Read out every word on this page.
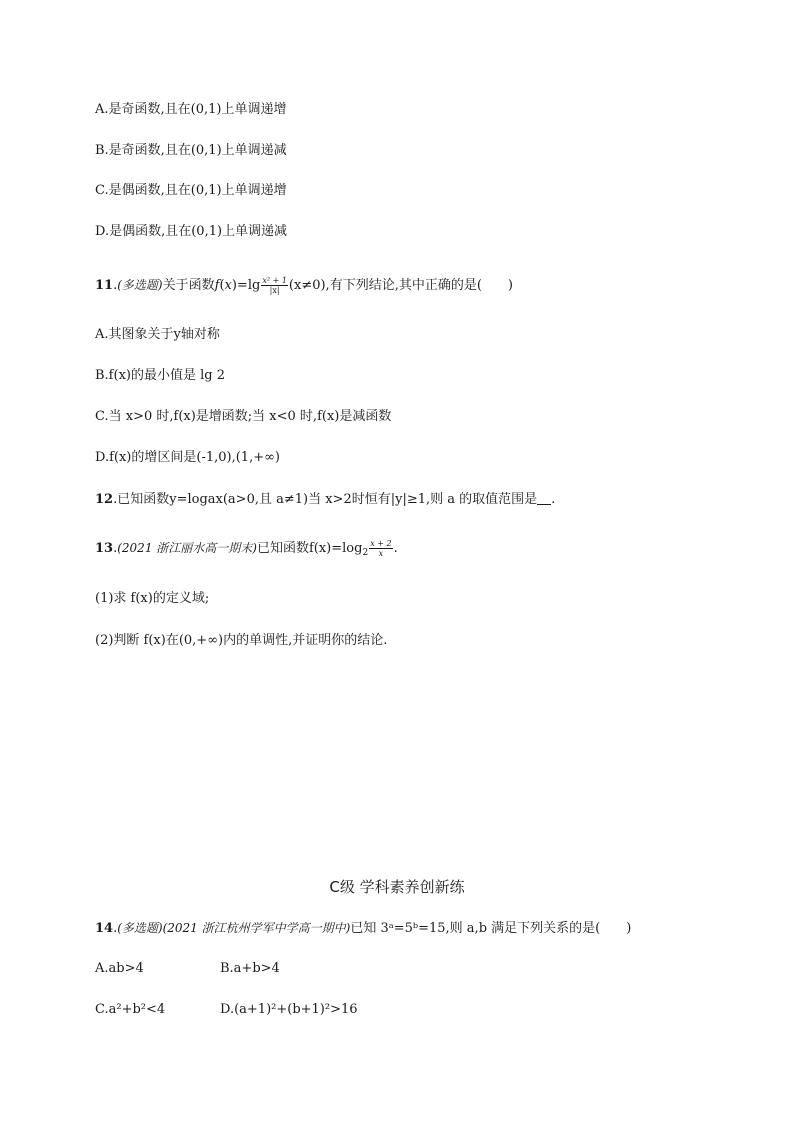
A.是奇函数,且在(0,1)上单调递增
B.是奇函数,且在(0,1)上单调递减
C.是偶函数,且在(0,1)上单调递增
D.是偶函数,且在(0,1)上单调递减
11.(多选题)关于函数$f(x)=\lg \frac{\text{x² + 1}}{|x|} (x\ne 0)$,有下列结论,其中正确的是(　　)
A.其图象关于y轴对称
B.f(x)的最小值是 lg 2
C.当 x>0 时,f(x)是增函数;当 x<0 时,f(x)是减函数
D.f(x)的增区间是(-1,0),(1,+∞)
12.已知函数y=logax(a>0,且 a≠1)当 x>2时恒有|y|≥1,则 a 的取值范围是 .
13.(2021 浙江丽水高一期末)已知函数$f(x)=\log_2 \frac{x + 2}{x}$ .
(1)求 f(x)的定义域;
(2)判断 f(x)在(0,+∞)内的单调性,并证明你的结论.
C级 学科素养创新练
14.(多选题)(2021 浙江杭州学军中学高一期中)已知 3ᵃ=5ᵇ=15,则 a,b 满足下列关系的是(　　)
A.ab>4	B.a+b>4
C.a²+b²<4	D.(a+1)²+(b+1)²>16
